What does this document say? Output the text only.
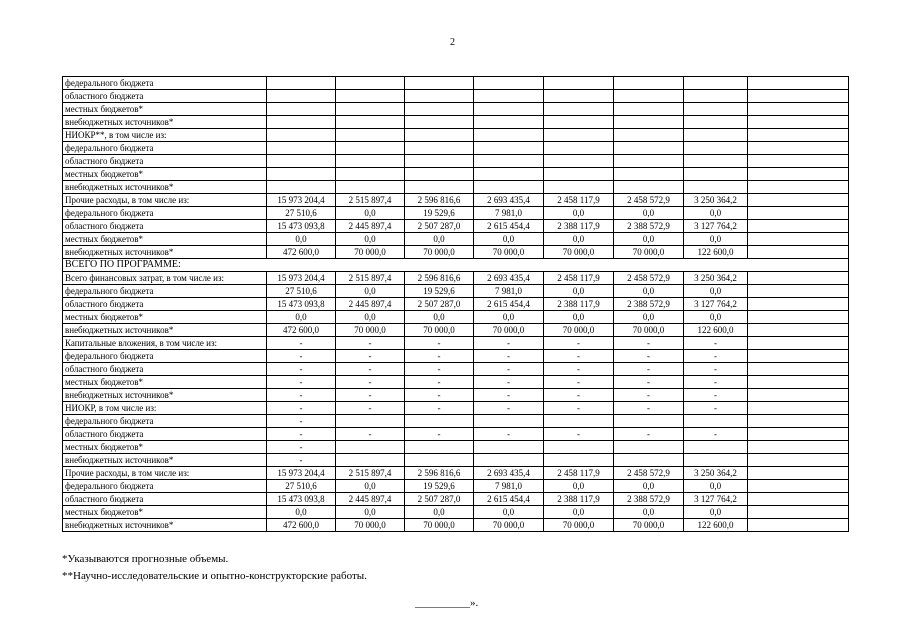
2
федерального бюджета								
областного бюджета								
местных бюджетов*								
внебюджетных источников*								
НИОКР**, в том числе из:								
федерального бюджета								
областного бюджета								
местных бюджетов*								
внебюджетных источников*								
Прочие расходы, в том числе из:	15 973 204,4	2 515 897,4	2 596 816,6	2 693 435,4	2 458 117,9	2 458 572,9	3 250 364,2	
федерального бюджета	27 510,6	0,0	19 529,6	7 981,0	0,0	0,0	0,0	
областного бюджета	15 473 093,8	2 445 897,4	2 507 287,0	2 615 454,4	2 388 117,9	2 388 572,9	3 127 764,2	
местных бюджетов*	0,0	0,0	0,0	0,0	0,0	0,0	0,0	
внебюджетных источников*	472 600,0	70 000,0	70 000,0	70 000,0	70 000,0	70 000,0	122 600,0	
ВСЕГО ПО ПРОГРАММЕ:								
Всего финансовых затрат, в том числе из:	15 973 204,4	2 515 897,4	2 596 816,6	2 693 435,4	2 458 117,9	2 458 572,9	3 250 364,2	
федерального бюджета	27 510,6	0,0	19 529,6	7 981,0	0,0	0,0	0,0	
областного бюджета	15 473 093,8	2 445 897,4	2 507 287,0	2 615 454,4	2 388 117,9	2 388 572,9	3 127 764,2	
местных бюджетов*	0,0	0,0	0,0	0,0	0,0	0,0	0,0	
внебюджетных источников*	472 600,0	70 000,0	70 000,0	70 000,0	70 000,0	70 000,0	122 600,0	
Капитальные вложения, в том числе из:	-	-	-	-	-	-	-	
федерального бюджета	-	-	-	-	-	-	-	
областного бюджета	-	-	-	-	-	-	-	
местных бюджетов*	-	-	-	-	-	-	-	
внебюджетных источников*	-	-	-	-	-	-	-	
НИОКР, в том числе из:	-	-	-	-	-	-	-	
федерального бюджета	-							
областного бюджета	-	-	-	-	-	-	-	
местных бюджетов*	-							
внебюджетных источников*	-							
Прочие расходы, в том числе из:	15 973 204,4	2 515 897,4	2 596 816,6	2 693 435,4	2 458 117,9	2 458 572,9	3 250 364,2	
федерального бюджета	27 510,6	0,0	19 529,6	7 981,0	0,0	0,0	0,0	
областного бюджета	15 473 093,8	2 445 897,4	2 507 287,0	2 615 454,4	2 388 117,9	2 388 572,9	3 127 764,2	
местных бюджетов*	0,0	0,0	0,0	0,0	0,0	0,0	0,0	
внебюджетных источников*	472 600,0	70 000,0	70 000,0	70 000,0	70 000,0	70 000,0	122 600,0	
*Указываются прогнозные объемы.
**Научно-исследовательские и опытно-конструкторские работы.
__________».
